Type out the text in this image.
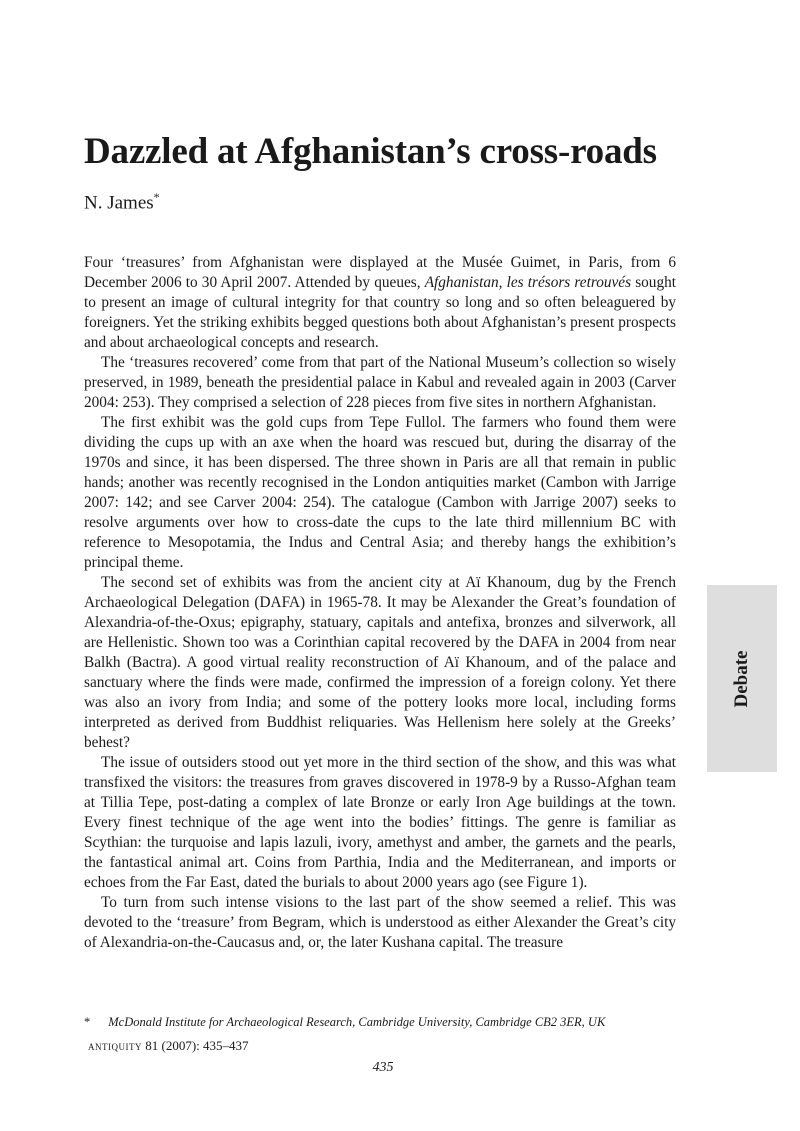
Dazzled at Afghanistan’s cross-roads
N. James*

Four ‘treasures’ from Afghanistan were displayed at the Musée Guimet, in Paris, from 6 December 2006 to 30 April 2007. Attended by queues, Afghanistan, les trésors retrouvés sought to present an image of cultural integrity for that country so long and so often beleaguered by foreigners. Yet the striking exhibits begged questions both about Afghanistan’s present prospects and about archaeological concepts and research.

The ‘treasures recovered’ come from that part of the National Museum’s collection so wisely preserved, in 1989, beneath the presidential palace in Kabul and revealed again in 2003 (Carver 2004: 253). They comprised a selection of 228 pieces from five sites in northern Afghanistan.

The first exhibit was the gold cups from Tepe Fullol. The farmers who found them were dividing the cups up with an axe when the hoard was rescued but, during the disarray of the 1970s and since, it has been dispersed. The three shown in Paris are all that remain in public hands; another was recently recognised in the London antiquities market (Cambon with Jarrige 2007: 142; and see Carver 2004: 254). The catalogue (Cambon with Jarrige 2007) seeks to resolve arguments over how to cross-date the cups to the late third millennium BC with reference to Mesopotamia, the Indus and Central Asia; and thereby hangs the exhibition’s principal theme.

The second set of exhibits was from the ancient city at Aï Khanoum, dug by the French Archaeological Delegation (DAFA) in 1965-78. It may be Alexander the Great’s foundation of Alexandria-of-the-Oxus; epigraphy, statuary, capitals and antefixa, bronzes and silverwork, all are Hellenistic. Shown too was a Corinthian capital recovered by the DAFA in 2004 from near Balkh (Bactra). A good virtual reality reconstruction of Aï Khanoum, and of the palace and sanctuary where the finds were made, confirmed the impression of a foreign colony. Yet there was also an ivory from India; and some of the pottery looks more local, including forms interpreted as derived from Buddhist reliquaries. Was Hellenism here solely at the Greeks’ behest?

The issue of outsiders stood out yet more in the third section of the show, and this was what transfixed the visitors: the treasures from graves discovered in 1978-9 by a Russo-Afghan team at Tillia Tepe, post-dating a complex of late Bronze or early Iron Age buildings at the town. Every finest technique of the age went into the bodies’ fittings. The genre is familiar as Scythian: the turquoise and lapis lazuli, ivory, amethyst and amber, the garnets and the pearls, the fantastical animal art. Coins from Parthia, India and the Mediterranean, and imports or echoes from the Far East, dated the burials to about 2000 years ago (see Figure 1).

To turn from such intense visions to the last part of the show seemed a relief. This was devoted to the ‘treasure’ from Begram, which is understood as either Alexander the Great’s city of Alexandria-on-the-Caucasus and, or, the later Kushana capital. The treasure

Debate
* McDonald Institute for Archaeological Research, Cambridge University, Cambridge CB2 3ER, UK
antiquity 81 (2007): 435–437
435
